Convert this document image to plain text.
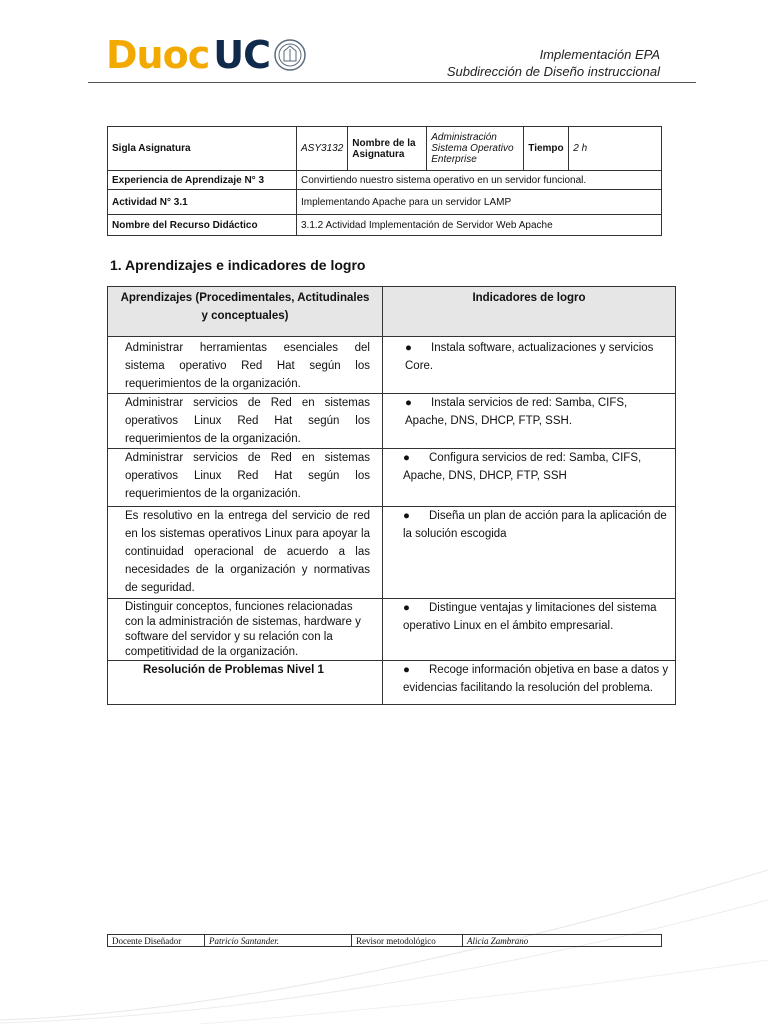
Duoc UC	Implementación EPA
Subdirección de Diseño instruccional
Sigla Asignatura	ASY3132	Nombre de la Asignatura	Administración Sistema Operativo Enterprise	Tiempo	2 h
Experiencia de Aprendizaje N° 3	Convirtiendo nuestro sistema operativo en un servidor funcional.				
Actividad N° 3.1	Implementando Apache para un servidor LAMP				
Nombre del Recurso Didáctico	3.1.2 Actividad Implementación de Servidor Web Apache				
1. Aprendizajes e indicadores de logro
Aprendizajes (Procedimentales, Actitudinales y conceptuales)	Indicadores de logro
Administrar herramientas esenciales del sistema operativo Red Hat según los requerimientos de la organización.	● Instala software, actualizaciones y servicios Core.
Administrar servicios de Red en sistemas operativos Linux Red Hat según los requerimientos de la organización.	● Instala servicios de red: Samba, CIFS, Apache, DNS, DHCP, FTP, SSH.
Administrar servicios de Red en sistemas operativos Linux Red Hat según los requerimientos de la organización.	● Configura servicios de red: Samba, CIFS, Apache, DNS, DHCP, FTP, SSH
Es resolutivo en la entrega del servicio de red en los sistemas operativos Linux para apoyar la continuidad operacional de acuerdo a las necesidades de la organización y normativas de seguridad.	● Diseña un plan de acción para la aplicación de la solución escogida
Distinguir conceptos, funciones relacionadas con la administración de sistemas, hardware y software del servidor y su relación con la competitividad de la organización.	● Distingue ventajas y limitaciones del sistema operativo Linux en el ámbito empresarial.
Resolución de Problemas Nivel 1	● Recoge información objetiva en base a datos y evidencias facilitando la resolución del problema.
Docente Diseñador	Patricio Santander.	Revisor metodológico	Alicia Zambrano
